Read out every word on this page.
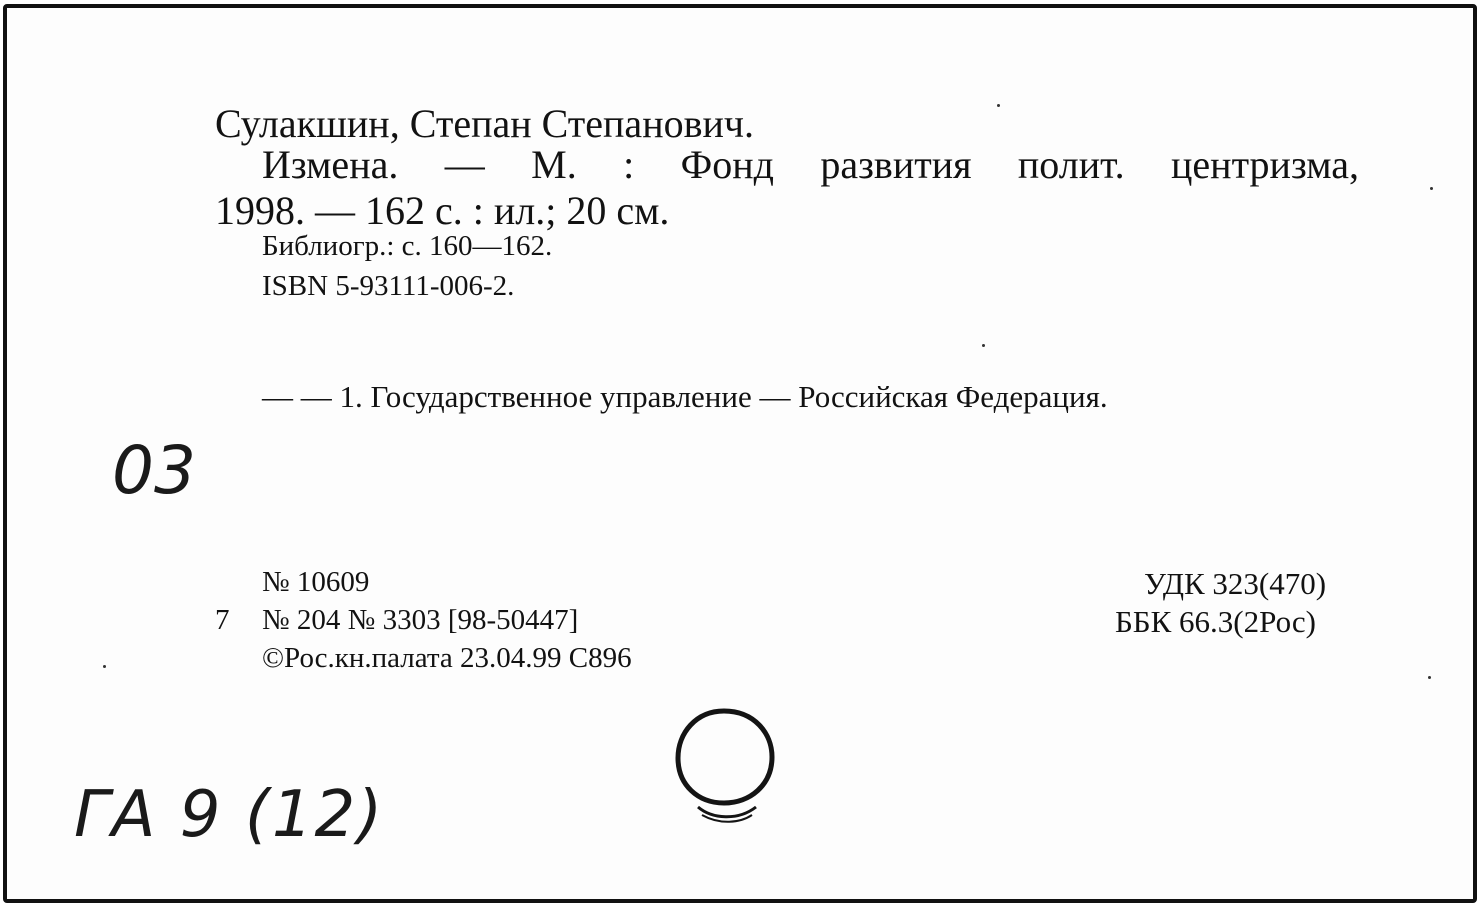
Сулакшин, Степан Степанович.
Измена. — М. : Фонд развития полит. центризма,
1998. — 162 с. : ил.; 20 см.
Библиогр.: с. 160—162.
ISBN 5-93111-006-2.
— — 1. Государственное управление — Российская Федерация.
№ 10609
7 № 204 № 3303 [98-50447]
©Рос.кн.палата 23.04.99 С896
УДК 323(470)
ББК 66.3(2Рос)
03
ГА 9 (12)
